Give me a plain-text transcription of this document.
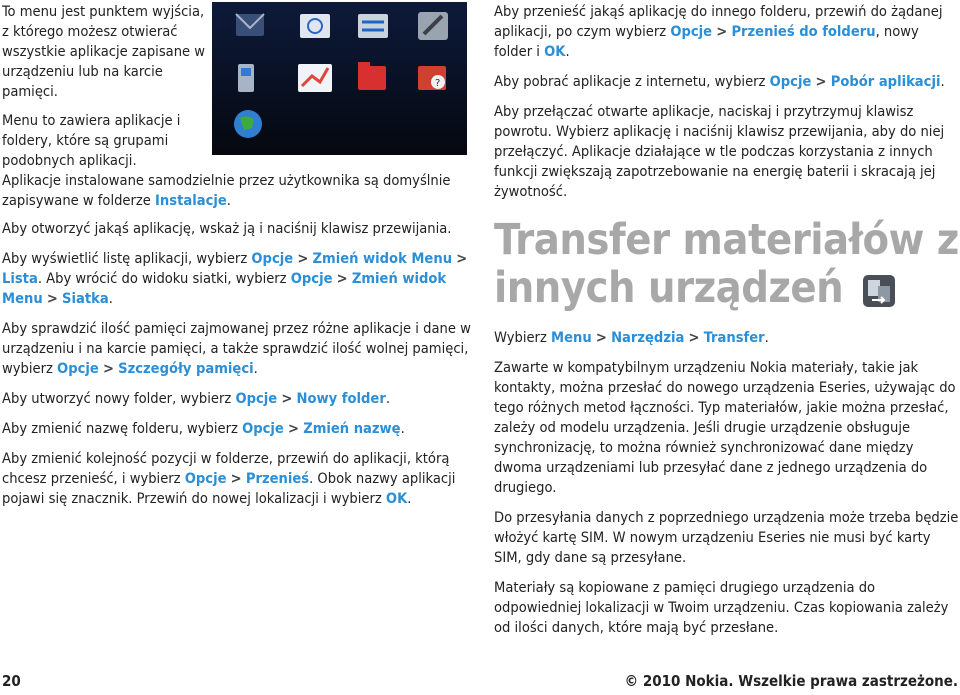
To menu jest punktem wyjścia, z którego możesz otwierać wszystkie aplikacje zapisane w urządzeniu lub na karcie pamięci.

Menu to zawiera aplikacje i foldery, które są grupami podobnych aplikacji.

Aplikacje instalowane samodzielnie przez użytkownika są domyślnie zapisywane w folderze Instalacje.

Aby otworzyć jakąś aplikację, wskaż ją i naciśnij klawisz przewijania.

Aby wyświetlić listę aplikacji, wybierz Opcje > Zmień widok Menu > Lista. Aby wrócić do widoku siatki, wybierz Opcje > Zmień widok Menu > Siatka.

Aby sprawdzić ilość pamięci zajmowanej przez różne aplikacje i dane w urządzeniu i na karcie pamięci, a także sprawdzić ilość wolnej pamięci, wybierz Opcje > Szczegóły pamięci.

Aby utworzyć nowy folder, wybierz Opcje > Nowy folder.

Aby zmienić nazwę folderu, wybierz Opcje > Zmień nazwę.

Aby zmienić kolejność pozycji w folderze, przewiń do aplikacji, którą chcesz przenieść, i wybierz Opcje > Przenieś. Obok nazwy aplikacji pojawi się znacznik. Przewiń do nowej lokalizacji i wybierz OK.

?

Aby przenieść jakąś aplikację do innego folderu, przewiń do żądanej aplikacji, po czym wybierz Opcje > Przenieś do folderu, nowy folder i OK.

Aby pobrać aplikacje z internetu, wybierz Opcje > Pobór aplikacji.

Aby przełączać otwarte aplikacje, naciskaj i przytrzymuj klawisz powrotu. Wybierz aplikację i naciśnij klawisz przewijania, aby do niej przełączyć. Aplikacje działające w tle podczas korzystania z innych funkcji zwiększają zapotrzebowanie na energię baterii i skracają jej żywotność.

Transfer materiałów z innych urządzeń

Wybierz Menu > Narzędzia > Transfer.

Zawarte w kompatybilnym urządzeniu Nokia materiały, takie jak kontakty, można przesłać do nowego urządzenia Eseries, używając do tego różnych metod łączności. Typ materiałów, jakie można przesłać, zależy od modelu urządzenia. Jeśli drugie urządzenie obsługuje synchronizację, to można również synchronizować dane między dwoma urządzeniami lub przesyłać dane z jednego urządzenia do drugiego.

Do przesyłania danych z poprzedniego urządzenia może trzeba będzie włożyć kartę SIM. W nowym urządzeniu Eseries nie musi być karty SIM, gdy dane są przesyłane.

Materiały są kopiowane z pamięci drugiego urządzenia do odpowiedniej lokalizacji w Twoim urządzeniu. Czas kopiowania zależy od ilości danych, które mają być przesłane.

20	© 2010 Nokia. Wszelkie prawa zastrzeżone.
